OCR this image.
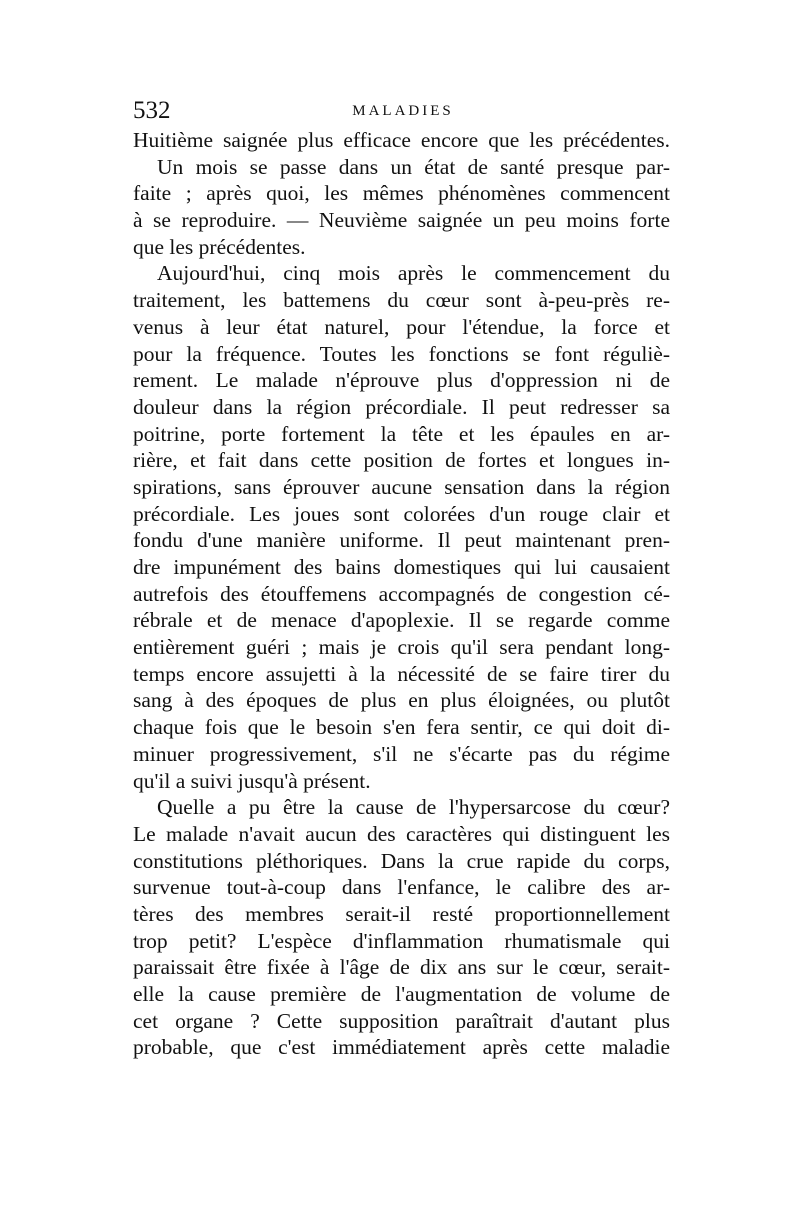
532	MALADIES
Huitième saignée plus efficace encore que les précédentes.
Un mois se passe dans un état de santé presque par-
faite ; après quoi, les mêmes phénomènes commencent
à se reproduire. — Neuvième saignée un peu moins forte
que les précédentes.
Aujourd'hui, cinq mois après le commencement du
traitement, les battemens du cœur sont à-peu-près re-
venus à leur état naturel, pour l'étendue, la force et
pour la fréquence. Toutes les fonctions se font réguliè-
rement. Le malade n'éprouve plus d'oppression ni de
douleur dans la région précordiale. Il peut redresser sa
poitrine, porte fortement la tête et les épaules en ar-
rière, et fait dans cette position de fortes et longues in-
spirations, sans éprouver aucune sensation dans la région
précordiale. Les joues sont colorées d'un rouge clair et
fondu d'une manière uniforme. Il peut maintenant pren-
dre impunément des bains domestiques qui lui causaient
autrefois des étouffemens accompagnés de congestion cé-
rébrale et de menace d'apoplexie. Il se regarde comme
entièrement guéri ; mais je crois qu'il sera pendant long-
temps encore assujetti à la nécessité de se faire tirer du
sang à des époques de plus en plus éloignées, ou plutôt
chaque fois que le besoin s'en fera sentir, ce qui doit di-
minuer progressivement, s'il ne s'écarte pas du régime
qu'il a suivi jusqu'à présent.
Quelle a pu être la cause de l'hypersarcose du cœur?
Le malade n'avait aucun des caractères qui distinguent les
constitutions pléthoriques. Dans la crue rapide du corps,
survenue tout-à-coup dans l'enfance, le calibre des ar-
tères des membres serait-il resté proportionnellement
trop petit? L'espèce d'inflammation rhumatismale qui
paraissait être fixée à l'âge de dix ans sur le cœur, serait-
elle la cause première de l'augmentation de volume de
cet organe ? Cette supposition paraîtrait d'autant plus
probable, que c'est immédiatement après cette maladie
